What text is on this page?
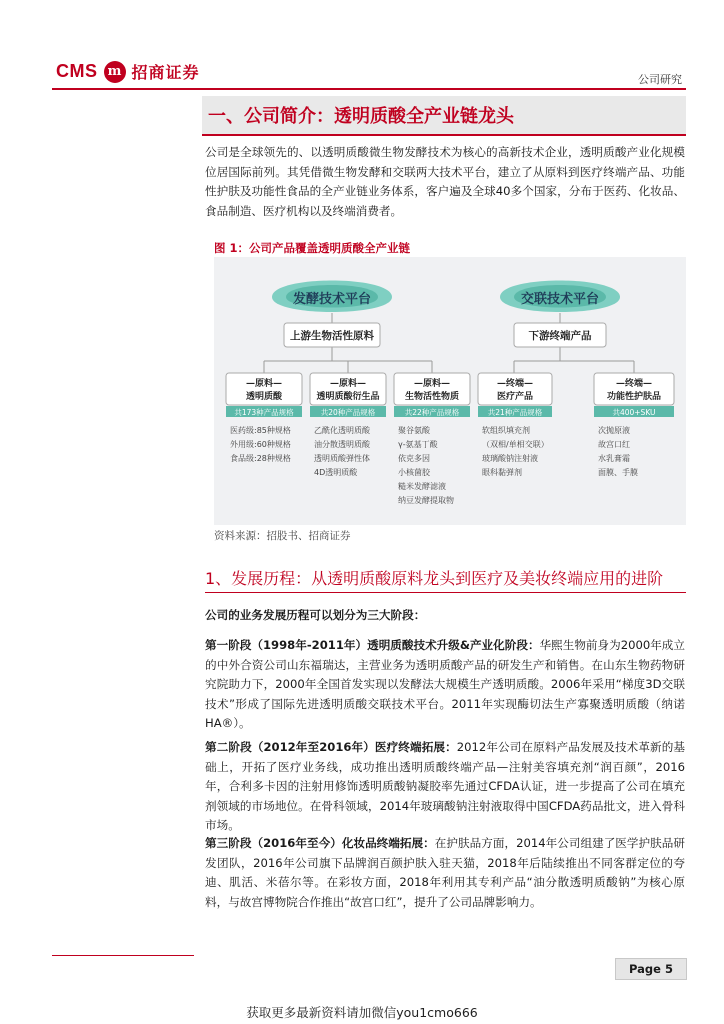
CMS m 招商证券	公司研究
一、公司简介：透明质酸全产业链龙头
公司是全球领先的、以透明质酸微生物发酵技术为核心的高新技术企业，透明质酸产业化规模位居国际前列。其凭借微生物发酵和交联两大技术平台，建立了从原料到医疗终端产品、功能性护肤及功能性食品的全产业链业务体系，客户遍及全球40多个国家，分布于医药、化妆品、食品制造、医疗机构以及终端消费者。
图 1：公司产品覆盖透明质酸全产业链
发酵技术平台	交联技术平台
上游生物活性原料	下游终端产品
—原料—
透明质酸
共173种产品规格
医药级:85种规格
外用级:60种规格
食品级:28种规格
—原料—
透明质酸衍生品
共20种产品规格
乙酰化透明质酸
油分散透明质酸
透明质酸弹性体
4D透明质酸
—原料—
生物活性物质
共22种产品规格
聚谷氨酸
γ-氨基丁酸
依克多因
小核菌胶
糙米发酵滤液
纳豆发酵提取物
—终端—
医疗产品
共21种产品规格
软组织填充剂
（双相/单相交联）
玻璃酸钠注射液
眼科黏弹剂
—终端—
功能性护肤品
共400+SKU
次抛原液
故宫口红
水乳膏霜
面膜、手膜
资料来源：招股书、招商证券
1、发展历程：从透明质酸原料龙头到医疗及美妆终端应用的进阶
公司的业务发展历程可以划分为三大阶段：
第一阶段（1998年-2011年）透明质酸技术升级&产业化阶段：华熙生物前身为2000年成立的中外合资公司山东福瑞达，主营业务为透明质酸产品的研发生产和销售。在山东生物药物研究院助力下，2000年全国首发实现以发酵法大规模生产透明质酸。2006年采用“梯度3D交联技术”形成了国际先进透明质酸交联技术平台。2011年实现酶切法生产寡聚透明质酸（纳诺HA®）。
第二阶段（2012年至2016年）医疗终端拓展：2012年公司在原料产品发展及技术革新的基础上，开拓了医疗业务线，成功推出透明质酸终端产品—注射美容填充剂“润百颜”，2016年，合利多卡因的注射用修饰透明质酸钠凝胶率先通过CFDA认证，进一步提高了公司在填充剂领域的市场地位。在骨科领域，2014年玻璃酸钠注射液取得中国CFDA药品批文，进入骨科市场。
第三阶段（2016年至今）化妆品终端拓展：在护肤品方面，2014年公司组建了医学护肤品研发团队，2016年公司旗下品牌润百颜护肤入驻天猫，2018年后陆续推出不同客群定位的夸迪、肌活、米蓓尔等。在彩妆方面，2018年利用其专利产品“油分散透明质酸钠”为核心原料，与故宫博物院合作推出“故宫口红”，提升了公司品牌影响力。
Page 5
获取更多最新资料请加微信you1cmo666
